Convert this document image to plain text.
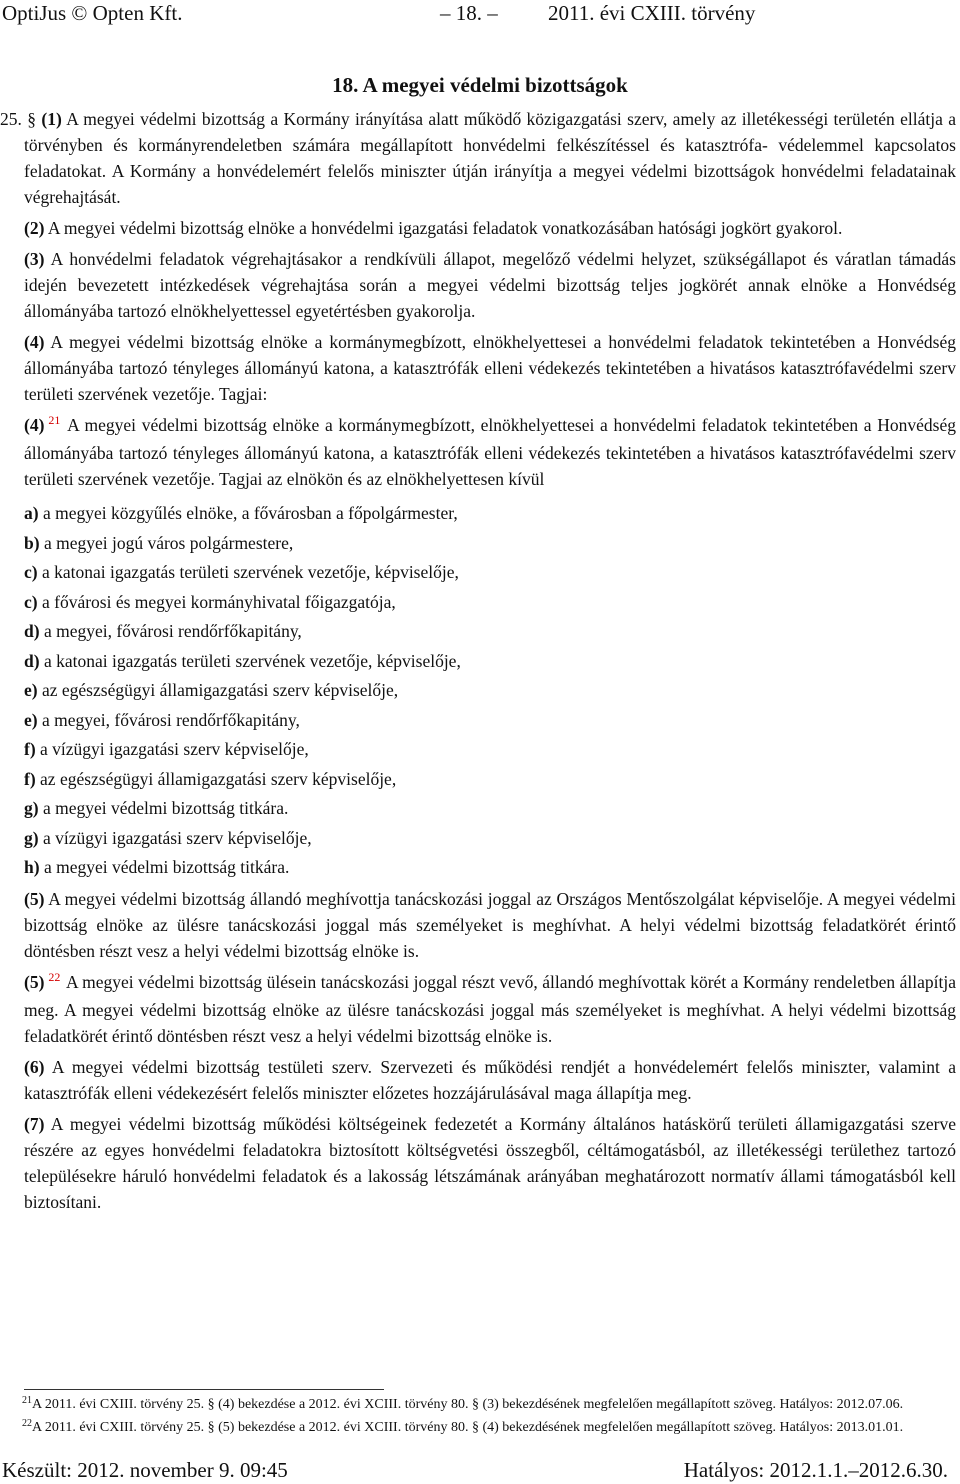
OptiJus © Opten Kft.	– 18. – 2011. évi CXIII. törvény
18. A megyei védelmi bizottságok

25. § (1) A megyei védelmi bizottság a Kormány irányítása alatt működő közigazgatási szerv, amely az illetékességi területén ellátja a törvényben és kormányrendeletben számára megállapított honvédelmi felkészítéssel és katasztrófa- védelemmel kapcsolatos feladatokat. A Kormány a honvédelemért felelős miniszter útján irányítja a megyei védelmi bizottságok honvédelmi feladatainak végrehajtását.

(2) A megyei védelmi bizottság elnöke a honvédelmi igazgatási feladatok vonatkozásában hatósági jogkört gyakorol.

(3) A honvédelmi feladatok végrehajtásakor a rendkívüli állapot, megelőző védelmi helyzet, szükségállapot és váratlan támadás idején bevezetett intézkedések végrehajtása során a megyei védelmi bizottság teljes jogkörét annak elnöke a Honvédség állományába tartozó elnökhelyettessel egyetértésben gyakorolja.

(4) A megyei védelmi bizottság elnöke a kormánymegbízott, elnökhelyettesei a honvédelmi feladatok tekintetében a Honvédség állományába tartozó tényleges állományú katona, a katasztrófák elleni védekezés tekintetében a hivatásos katasztrófavédelmi szerv területi szervének vezetője. Tagjai:

(4) $^{21}$ A megyei védelmi bizottság elnöke a kormánymegbízott, elnökhelyettesei a honvédelmi feladatok tekintetében a Honvédség állományába tartozó tényleges állományú katona, a katasztrófák elleni védekezés tekintetében a hivatásos katasztrófavédelmi szerv területi szervének vezetője. Tagjai az elnökön és az elnökhelyettesen kívül

a) a megyei közgyűlés elnöke, a fővárosban a főpolgármester,
b) a megyei jogú város polgármestere,
c) a katonai igazgatás területi szervének vezetője, képviselője,
c) a fővárosi és megyei kormányhivatal főigazgatója,
d) a megyei, fővárosi rendőrfőkapitány,
d) a katonai igazgatás területi szervének vezetője, képviselője,
e) az egészségügyi államigazgatási szerv képviselője,
e) a megyei, fővárosi rendőrfőkapitány,
f) a vízügyi igazgatási szerv képviselője,
f) az egészségügyi államigazgatási szerv képviselője,
g) a megyei védelmi bizottság titkára.
g) a vízügyi igazgatási szerv képviselője,
h) a megyei védelmi bizottság titkára.

(5) A megyei védelmi bizottság állandó meghívottja tanácskozási joggal az Országos Mentőszolgálat képviselője. A megyei védelmi bizottság elnöke az ülésre tanácskozási joggal más személyeket is meghívhat. A helyi védelmi bizottság feladatkörét érintő döntésben részt vesz a helyi védelmi bizottság elnöke is.

(5) $^{22}$ A megyei védelmi bizottság ülésein tanácskozási joggal részt vevő, állandó meghívottak körét a Kormány rendeletben állapítja meg. A megyei védelmi bizottság elnöke az ülésre tanácskozási joggal más személyeket is meghívhat. A helyi védelmi bizottság feladatkörét érintő döntésben részt vesz a helyi védelmi bizottság elnöke is.

(6) A megyei védelmi bizottság testületi szerv. Szervezeti és működési rendjét a honvédelemért felelős miniszter, valamint a katasztrófák elleni védekezésért felelős miniszter előzetes hozzájárulásával maga állapítja meg.

(7) A megyei védelmi bizottság működési költségeinek fedezetét a Kormány általános hatáskörű területi államigazgatási szerve részére az egyes honvédelmi feladatokra biztosított költségvetési összegből, céltámogatásból, az illetékességi területhez tartozó településekre háruló honvédelmi feladatok és a lakosság létszámának arányában meghatározott normatív állami támogatásból kell biztosítani.

$^{21}$A 2011. évi CXIII. törvény 25. § (4) bekezdése a 2012. évi XCIII. törvény 80. § (3) bekezdésének megfelelően megállapított szöveg. Hatályos: 2012.07.06.
$^{22}$A 2011. évi CXIII. törvény 25. § (5) bekezdése a 2012. évi XCIII. törvény 80. § (4) bekezdésének megfelelően megállapított szöveg. Hatályos: 2013.01.01.
Készült: 2012. november 9. 09:45	Hatályos: 2012.1.1.–2012.6.30.
